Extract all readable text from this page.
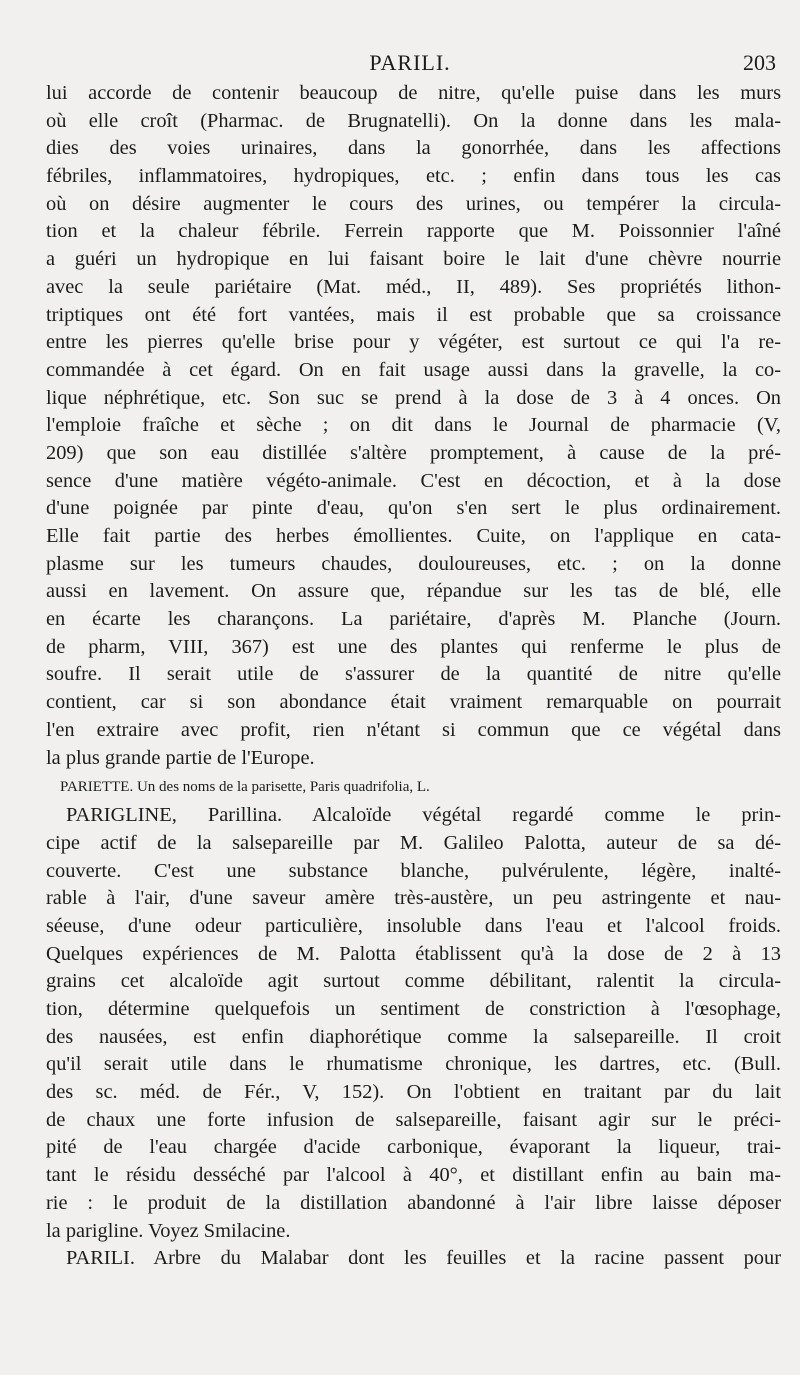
PARILI.	203
lui accorde de contenir beaucoup de nitre, qu'elle puise dans les murs
où elle croît (Pharmac. de Brugnatelli). On la donne dans les mala-
dies des voies urinaires, dans la gonorrhée, dans les affections
fébriles, inflammatoires, hydropiques, etc. ; enfin dans tous les cas
où on désire augmenter le cours des urines, ou tempérer la circula-
tion et la chaleur fébrile. Ferrein rapporte que M. Poissonnier l'aîné
a guéri un hydropique en lui faisant boire le lait d'une chèvre nourrie
avec la seule pariétaire (Mat. méd., II, 489). Ses propriétés lithon-
triptiques ont été fort vantées, mais il est probable que sa croissance
entre les pierres qu'elle brise pour y végéter, est surtout ce qui l'a re-
commandée à cet égard. On en fait usage aussi dans la gravelle, la co-
lique néphrétique, etc. Son suc se prend à la dose de 3 à 4 onces. On
l'emploie fraîche et sèche ; on dit dans le Journal de pharmacie (V,
209) que son eau distillée s'altère promptement, à cause de la pré-
sence d'une matière végéto-animale. C'est en décoction, et à la dose
d'une poignée par pinte d'eau, qu'on s'en sert le plus ordinairement.
Elle fait partie des herbes émollientes. Cuite, on l'applique en cata-
plasme sur les tumeurs chaudes, douloureuses, etc. ; on la donne
aussi en lavement. On assure que, répandue sur les tas de blé, elle
en écarte les charançons. La pariétaire, d'après M. Planche (Journ.
de pharm, VIII, 367) est une des plantes qui renferme le plus de
soufre. Il serait utile de s'assurer de la quantité de nitre qu'elle
contient, car si son abondance était vraiment remarquable on pourrait
l'en extraire avec profit, rien n'étant si commun que ce végétal dans
la plus grande partie de l'Europe.
PARIETTE. Un des noms de la parisette, Paris quadrifolia, L.
PARIGLINE, Parillina. Alcaloïde végétal regardé comme le prin-
cipe actif de la salsepareille par M. Galileo Palotta, auteur de sa dé-
couverte. C'est une substance blanche, pulvérulente, légère, inalté-
rable à l'air, d'une saveur amère très-austère, un peu astringente et nau-
séeuse, d'une odeur particulière, insoluble dans l'eau et l'alcool froids.
Quelques expériences de M. Palotta établissent qu'à la dose de 2 à 13
grains cet alcaloïde agit surtout comme débilitant, ralentit la circula-
tion, détermine quelquefois un sentiment de constriction à l'œsophage,
des nausées, est enfin diaphorétique comme la salsepareille. Il croit
qu'il serait utile dans le rhumatisme chronique, les dartres, etc. (Bull.
des sc. méd. de Fér., V, 152). On l'obtient en traitant par du lait
de chaux une forte infusion de salsepareille, faisant agir sur le préci-
pité de l'eau chargée d'acide carbonique, évaporant la liqueur, trai-
tant le résidu desséché par l'alcool à 40°, et distillant enfin au bain ma-
rie : le produit de la distillation abandonné à l'air libre laisse déposer
la parigline. Voyez Smilacine.
PARILI. Arbre du Malabar dont les feuilles et la racine passent pour
